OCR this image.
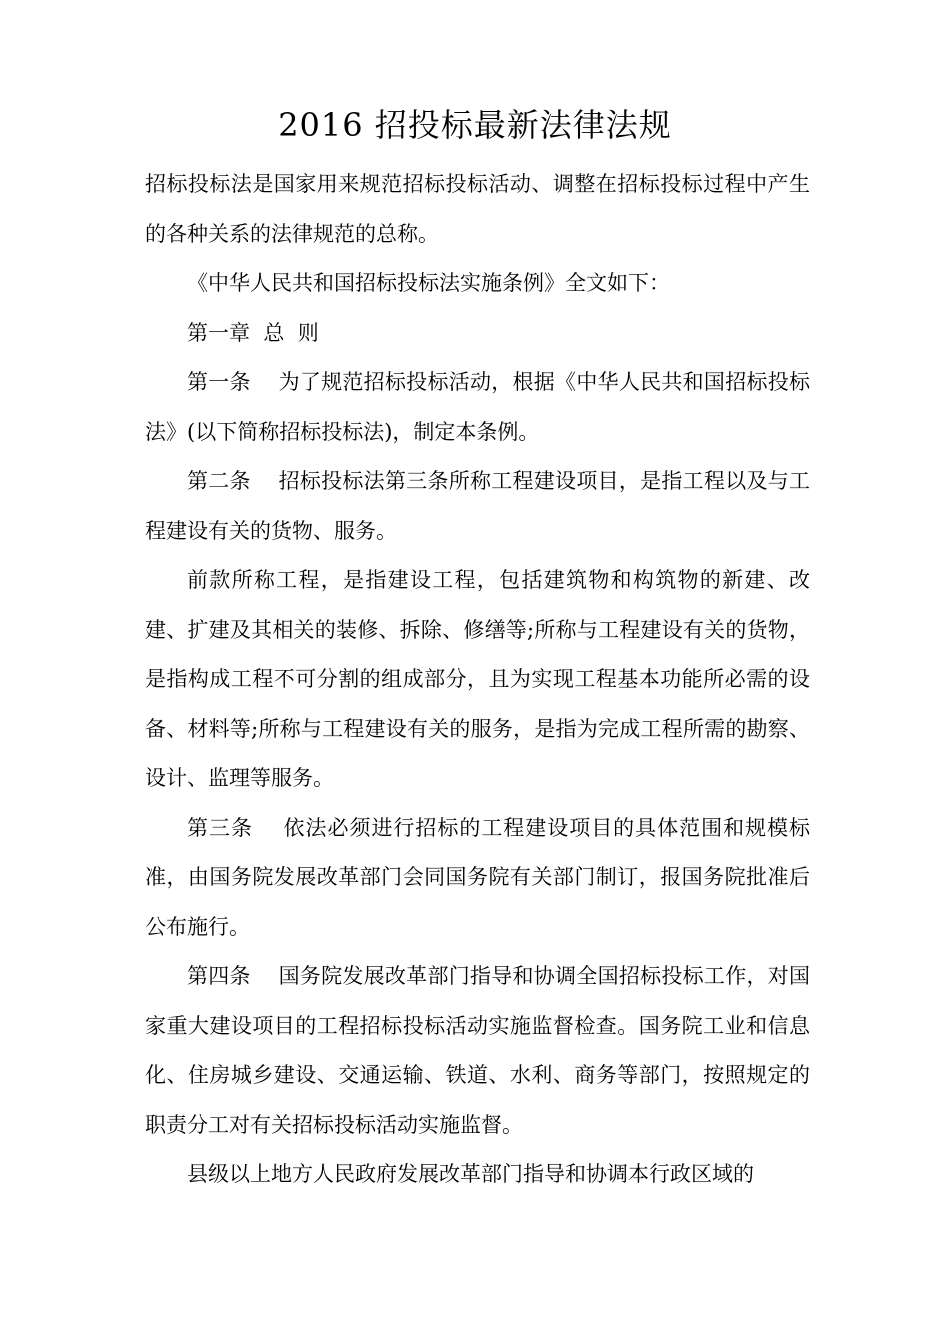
2016 招投标最新法律法规

招标投标法是国家用来规范招标投标活动、调整在招标投标过程中产生的各种关系的法律规范的总称。

《中华人民共和国招标投标法实施条例》全文如下：

第一章  总  则

第一条    为了规范招标投标活动，根据《中华人民共和国招标投标法》(以下简称招标投标法)，制定本条例。

第二条    招标投标法第三条所称工程建设项目，是指工程以及与工程建设有关的货物、服务。

前款所称工程，是指建设工程，包括建筑物和构筑物的新建、改建、扩建及其相关的装修、拆除、修缮等;所称与工程建设有关的货物，是指构成工程不可分割的组成部分，且为实现工程基本功能所必需的设备、材料等;所称与工程建设有关的服务，是指为完成工程所需的勘察、设计、监理等服务。

第三条    依法必须进行招标的工程建设项目的具体范围和规模标准，由国务院发展改革部门会同国务院有关部门制订，报国务院批准后公布施行。

第四条    国务院发展改革部门指导和协调全国招标投标工作，对国家重大建设项目的工程招标投标活动实施监督检查。国务院工业和信息化、住房城乡建设、交通运输、铁道、水利、商务等部门，按照规定的职责分工对有关招标投标活动实施监督。

县级以上地方人民政府发展改革部门指导和协调本行政区域的
